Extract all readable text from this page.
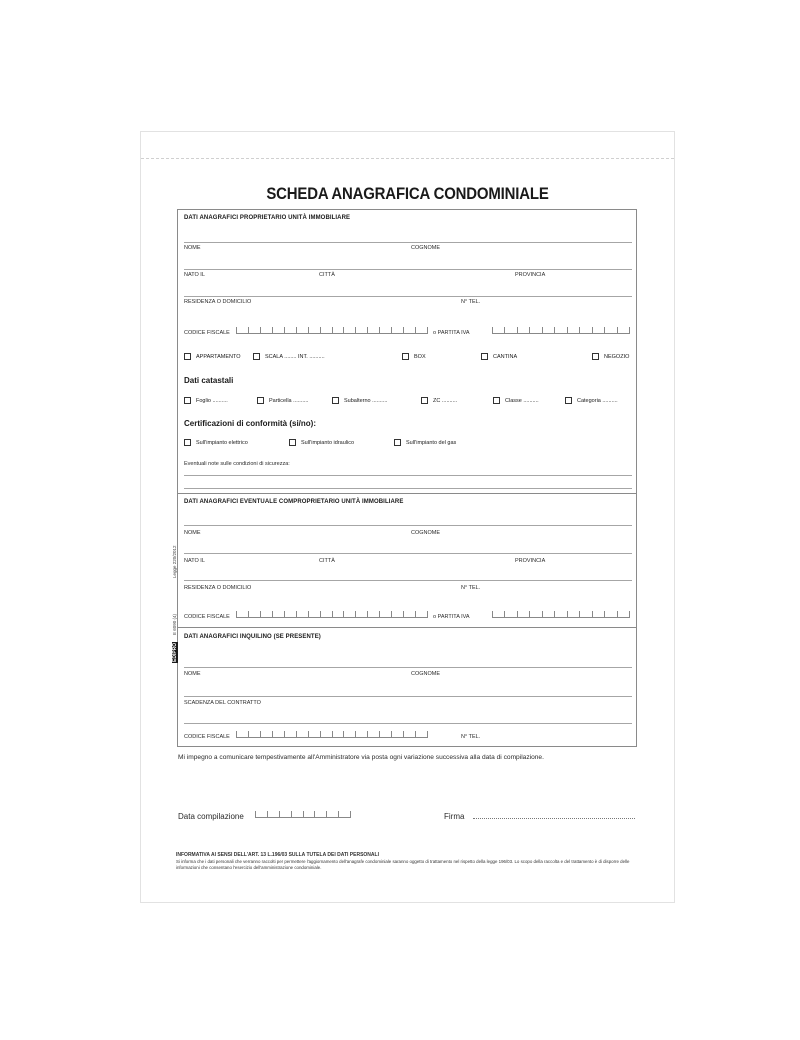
SCHEDA ANAGRAFICA CONDOMINIALE
DATI ANAGRAFICI PROPRIETARIO UNITÀ IMMOBILIARE
NOME	COGNOME
NATO IL	CITTÀ	PROVINCIA
RESIDENZA O DOMICILIO	N° TEL.
CODICE FISCALE	o PARTITA IVA
APPARTAMENTO	SCALA ........ INT. ..........	BOX	CANTINA	NEGOZIO
Dati catastali
Foglio ..........	Particella ..........	Subalterno ..........	ZC ..........	Classe ..........	Categoria ..........
Certificazioni di conformità (si/no):
Sull'impianto elettrico	Sull'impianto idraulico	Sull'impianto del gas
Eventuali note sulle condizioni di sicurezza:
DATI ANAGRAFICI EVENTUALE COMPROPRIETARIO UNITÀ IMMOBILIARE
NOME	COGNOME
NATO IL	CITTÀ	PROVINCIA
RESIDENZA O DOMICILIO	N° TEL.
CODICE FISCALE	o PARTITA IVA
DATI ANAGRAFICI INQUILINO (SE PRESENTE)
NOME	COGNOME
SCADENZA DEL CONTRATTO
CODICE FISCALE	N° TEL.
Mi impegno a comunicare tempestivamente all'Amministratore via posta ogni variazione successiva alla data di compilazione.
Data compilazione	Firma
INFORMATIVA AI SENSI DELL'ART. 13 L.196/03 SULLA TUTELA DEI DATI PERSONALI
Si informa che i dati personali che verranno raccolti per permettere l'aggiornamento dell'anagrafe condominiale saranno oggetto di trattamento nel rispetto della legge 196/03. Lo scopo della raccolta e del trattamento è di disporre delle informazioni che consentano l'esercizio dell'amministrazione condominiale.
Legge 220/2012
EDIPRO
E 6090 (4)
